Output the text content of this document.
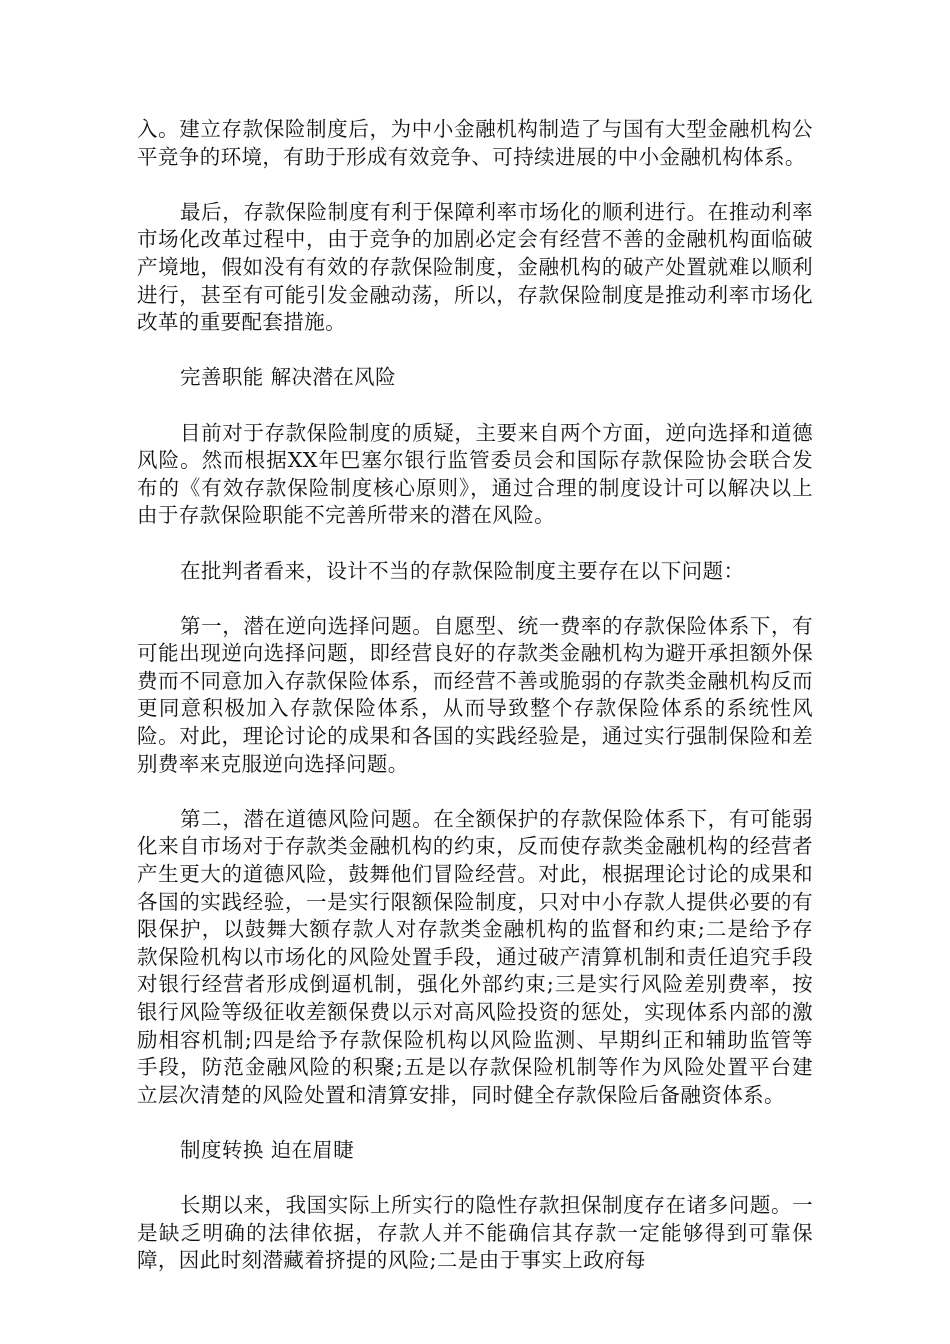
入。建立存款保险制度后，为中小金融机构制造了与国有大型金融机构公平竞争的环境，有助于形成有效竞争、可持续进展的中小金融机构体系。

最后，存款保险制度有利于保障利率市场化的顺利进行。在推动利率市场化改革过程中，由于竞争的加剧必定会有经营不善的金融机构面临破产境地，假如没有有效的存款保险制度，金融机构的破产处置就难以顺利进行，甚至有可能引发金融动荡，所以，存款保险制度是推动利率市场化改革的重要配套措施。

完善职能 解决潜在风险

目前对于存款保险制度的质疑，主要来自两个方面，逆向选择和道德风险。然而根据XX年巴塞尔银行监管委员会和国际存款保险协会联合发布的《有效存款保险制度核心原则》，通过合理的制度设计可以解决以上由于存款保险职能不完善所带来的潜在风险。

在批判者看来，设计不当的存款保险制度主要存在以下问题：

第一，潜在逆向选择问题。自愿型、统一费率的存款保险体系下，有可能出现逆向选择问题，即经营良好的存款类金融机构为避开承担额外保费而不同意加入存款保险体系，而经营不善或脆弱的存款类金融机构反而更同意积极加入存款保险体系，从而导致整个存款保险体系的系统性风险。对此，理论讨论的成果和各国的实践经验是，通过实行强制保险和差别费率来克服逆向选择问题。

第二，潜在道德风险问题。在全额保护的存款保险体系下，有可能弱化来自市场对于存款类金融机构的约束，反而使存款类金融机构的经营者产生更大的道德风险，鼓舞他们冒险经营。对此，根据理论讨论的成果和各国的实践经验，一是实行限额保险制度，只对中小存款人提供必要的有限保护，以鼓舞大额存款人对存款类金融机构的监督和约束;二是给予存款保险机构以市场化的风险处置手段，通过破产清算机制和责任追究手段对银行经营者形成倒逼机制，强化外部约束;三是实行风险差别费率，按银行风险等级征收差额保费以示对高风险投资的惩处，实现体系内部的激励相容机制;四是给予存款保险机构以风险监测、早期纠正和辅助监管等手段，防范金融风险的积聚;五是以存款保险机制等作为风险处置平台建立层次清楚的风险处置和清算安排，同时健全存款保险后备融资体系。

制度转换 迫在眉睫

长期以来，我国实际上所实行的隐性存款担保制度存在诸多问题。一是缺乏明确的法律依据，存款人并不能确信其存款一定能够得到可靠保障，因此时刻潜藏着挤提的风险;二是由于事实上政府每
